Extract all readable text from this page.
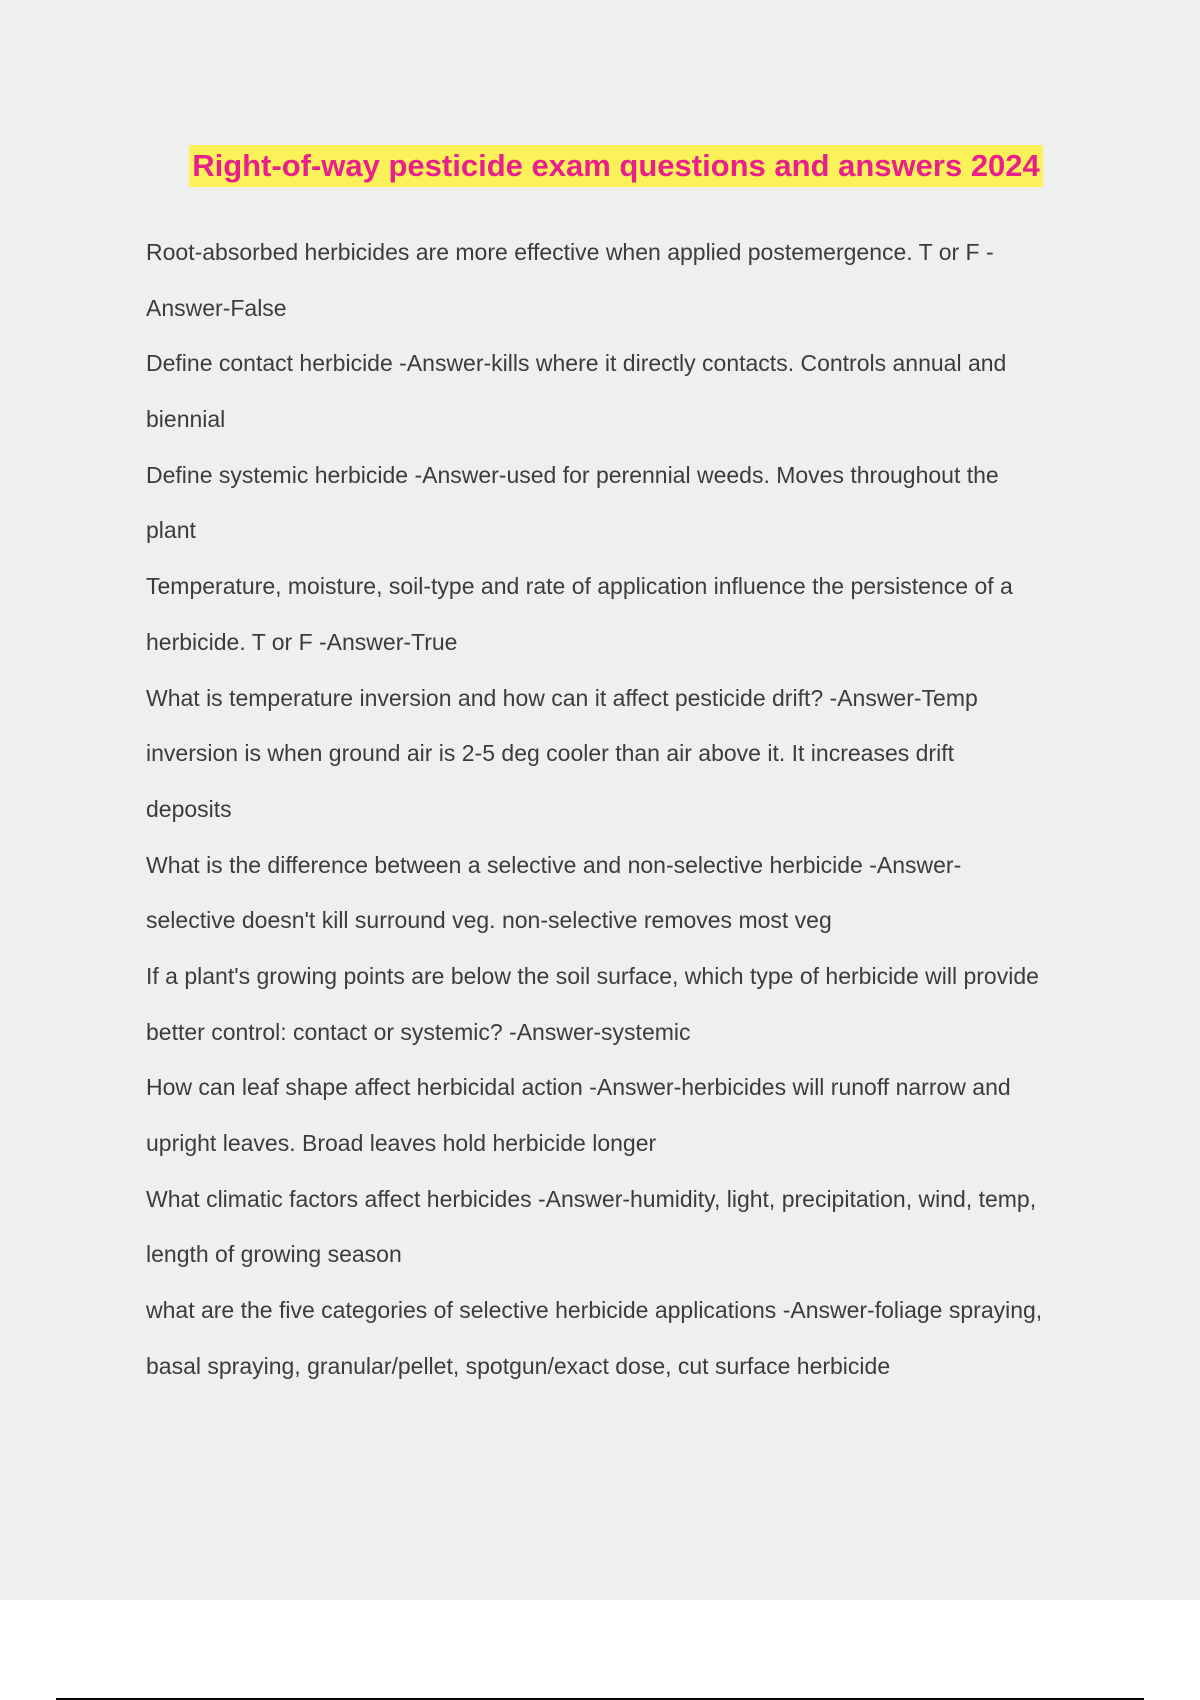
Right-of-way pesticide exam questions and answers 2024
Root-absorbed herbicides are more effective when applied postemergence. T or F -
Answer-False
Define contact herbicide -Answer-kills where it directly contacts. Controls annual and
biennial
Define systemic herbicide -Answer-used for perennial weeds. Moves throughout the
plant
Temperature, moisture, soil-type and rate of application influence the persistence of a
herbicide. T or F -Answer-True
What is temperature inversion and how can it affect pesticide drift? -Answer-Temp
inversion is when ground air is 2-5 deg cooler than air above it. It increases drift
deposits
What is the difference between a selective and non-selective herbicide -Answer-
selective doesn't kill surround veg. non-selective removes most veg
If a plant's growing points are below the soil surface, which type of herbicide will provide
better control: contact or systemic? -Answer-systemic
How can leaf shape affect herbicidal action -Answer-herbicides will runoff narrow and
upright leaves. Broad leaves hold herbicide longer
What climatic factors affect herbicides -Answer-humidity, light, precipitation, wind, temp,
length of growing season
what are the five categories of selective herbicide applications -Answer-foliage spraying,
basal spraying, granular/pellet, spotgun/exact dose, cut surface herbicide
